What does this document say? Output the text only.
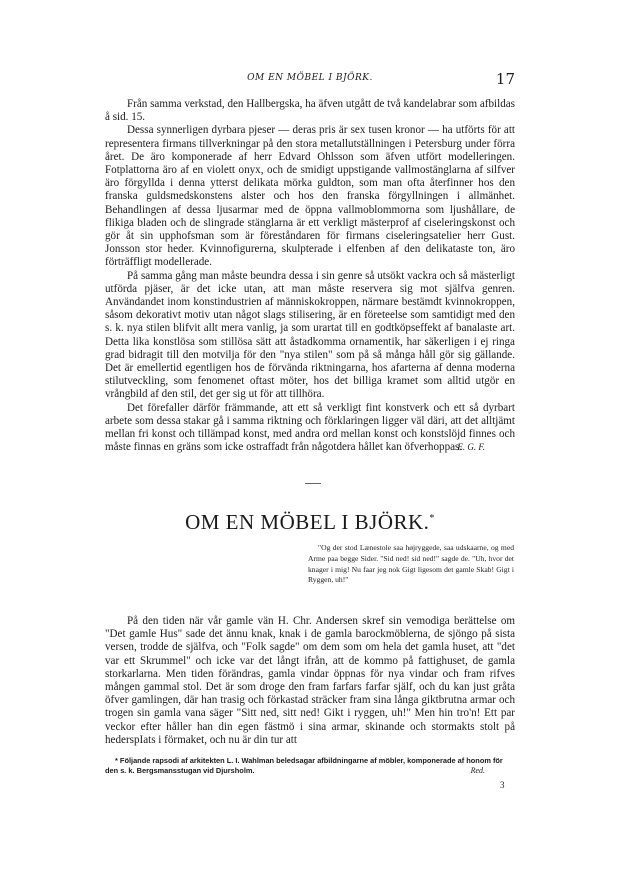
OM EN MÖBEL I BJÖRK.	17

Från samma verkstad, den Hallbergska, ha äfven utgått de två kandelabrar som afbildas å sid. 15.

Dessa synnerligen dyrbara pjeser — deras pris är sex tusen kronor — ha utförts för att representera firmans tillverkningar på den stora metallutställningen i Petersburg under förra året. De äro komponerade af herr Edvard Ohlsson som äfven utfört modelleringen. Fotplattorna äro af en violett onyx, och de smidigt uppstigande vallmostänglarna af silfver äro förgyllda i denna ytterst delikata mörka guldton, som man ofta återfinner hos den franska guldsmedskonstens alster och hos den franska förgyllningen i allmänhet. Behandlingen af dessa ljusarmar med de öppna vallmoblommorna som ljushållare, de flikiga bladen och de slingrade stänglarna är ett verkligt mästerprof af ciseleringskonst och gör åt sin upphofsman som är föreståndaren för firmans ciseleringsatelier herr Gust. Jonsson stor heder. Kvinnofigurerna, skulpterade i elfenben af den delikataste ton, äro förträffligt modellerade.

På samma gång man måste beundra dessa i sin genre så utsökt vackra och så mästerligt utförda pjäser, är det icke utan, att man måste reservera sig mot själfva genren. Användandet inom konstindustrien af människokroppen, närmare bestämdt kvinnokroppen, såsom dekorativt motiv utan något slags stilisering, är en företeelse som samtidigt med den s. k. nya stilen blifvit allt mera vanlig, ja som urartat till en godtköpseffekt af banalaste art. Detta lika konstlösa som stillösa sätt att åstadkomma ornamentik, har säkerligen i ej ringa grad bidragit till den motvilja för den "nya stilen" som på så många håll gör sig gällande. Det är emellertid egentligen hos de förvända riktningarna, hos afarterna af denna moderna stilutveckling, som fenomenet oftast möter, hos det billiga kramet som alltid utgör en vrångbild af den stil, det ger sig ut för att tillhöra.

Det förefaller därför främmande, att ett så verkligt fint konstverk och ett så dyrbart arbete som dessa stakar gå i samma riktning och förklaringen ligger väl däri, att det alltjämt mellan fri konst och tillämpad konst, med andra ord mellan konst och konstslöjd finnes och måste finnas en gräns som icke ostraffadt från någotdera hållet kan öfverhoppas.

E. G. F.
OM EN MÖBEL I BJÖRK.*

"Og der stod Lænestole saa højryggede, saa udskaarne, og med Arme paa begge Sider. "Sid ned! sid ned!" sagde de. "Uh, hvor det knager i mig! Nu faar jeg nok Gigt ligesom det gamle Skab! Gigt i Ryggen, uh!"

På den tiden när vår gamle vän H. Chr. Andersen skref sin vemodiga berättelse om "Det gamle Hus" sade det ännu knak, knak i de gamla barockmöblerna, de sjöngo på sista versen, trodde de själfva, och "Folk sagde" om dem som om hela det gamla huset, att "det var ett Skrummel" och icke var det långt ifrån, att de kommo på fattighuset, de gamla storkarlarna. Men tiden förändras, gamla vindar öppnas för nya vindar och fram rifves mången gammal stol. Det är som droge den fram farfars farfar själf, och du kan just gråta öfver gamlingen, där han trasig och förkastad sträcker fram sina långa giktbrutna armar och trogen sin gamla vana säger "Sitt ned, sitt ned! Gikt i ryggen, uh!" Men hin tro'n! Ett par veckor efter håller han din egen fästmö i sina armar, skinande och stormakts stolt på hederspIats i förmaket, och nu är din tur att

* Följande rapsodi af arkitekten L. I. Wahlman beledsagar afbildningarne af möbler, komponerade af honom för den s. k. Bergsmansstugan vid Djursholm.	Red.
3
